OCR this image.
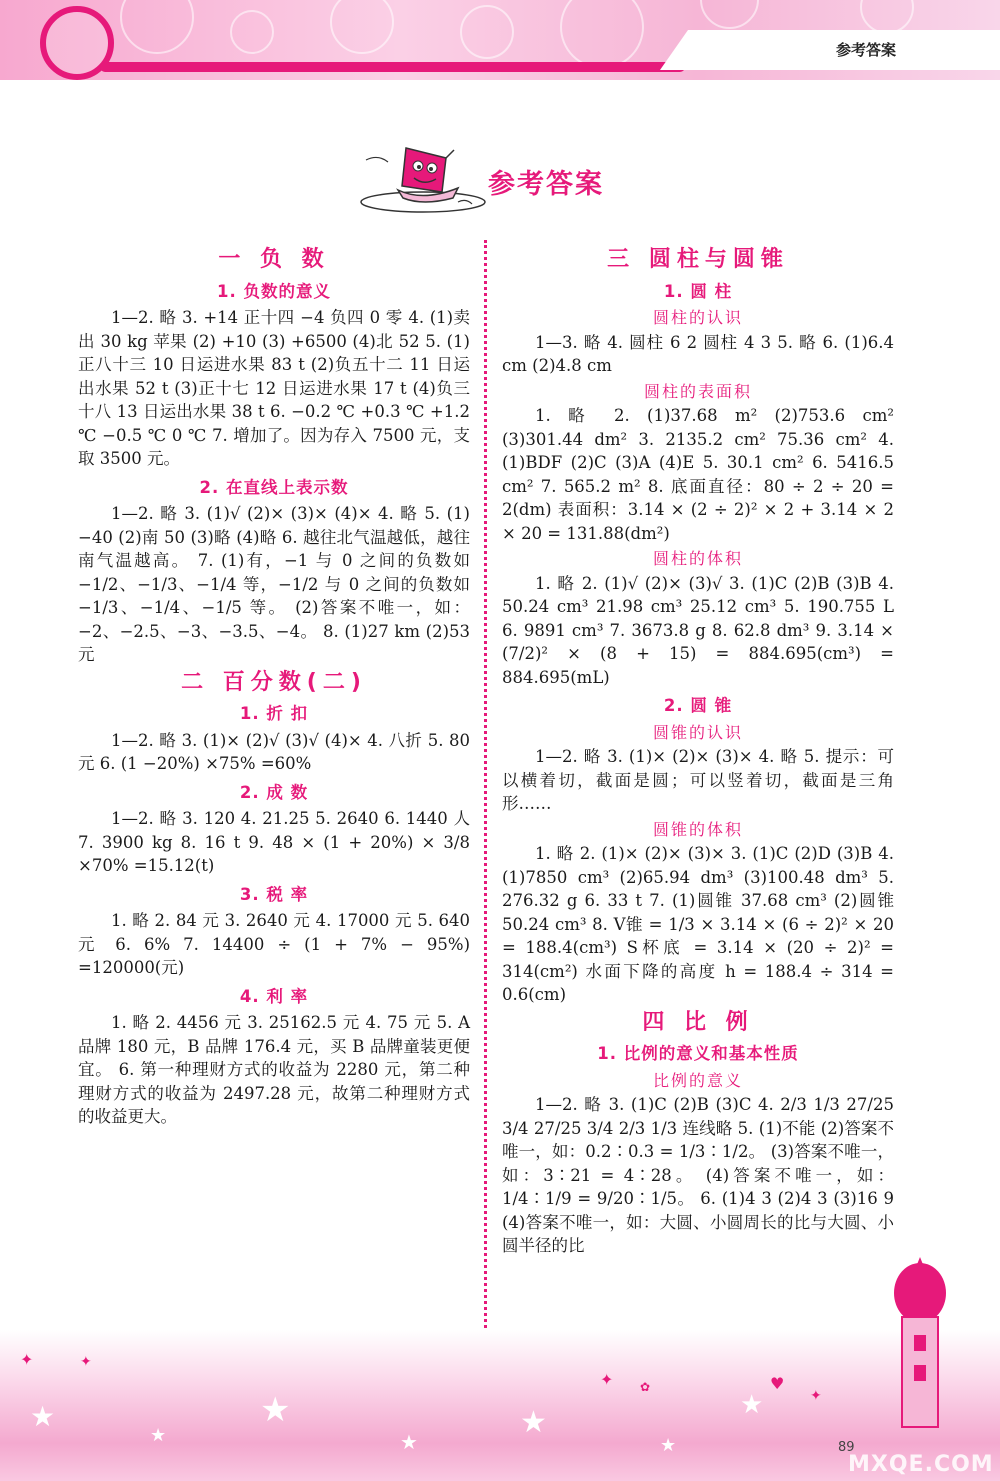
参考答案
参考答案
一 负 数
1. 负数的意义
1—2. 略 3. +14 正十四 −4 负四 0 零 4. (1)卖出 30 kg 苹果 (2) +10 (3) +6500 (4)北 52 5. (1)正八十三 10 日运进水果 83 t (2)负五十二 11 日运出水果 52 t (3)正十七 12 日运进水果 17 t (4)负三十八 13 日运出水果 38 t 6. −0.2 ℃ +0.3 ℃ +1.2 ℃ −0.5 ℃ 0 ℃ 7. 增加了。因为存入 7500 元，支取 3500 元。
2. 在直线上表示数
1—2. 略 3. (1)√ (2)× (3)× (4)× 4. 略 5. (1) −40 (2)南 50 (3)略 (4)略 6. 越往北气温越低，越往南气温越高。 7. (1)有，−1 与 0 之间的负数如 −1/2、−1/3、−1/4 等，−1/2 与 0 之间的负数如 −1/3、−1/4、−1/5 等。 (2)答案不唯一，如：−2、−2.5、−3、−3.5、−4。 8. (1)27 km (2)53 元
二 百分数(二)
1. 折 扣
1—2. 略 3. (1)× (2)√ (3)√ (4)× 4. 八折 5. 80 元 6. (1 −20%) ×75% =60%
2. 成 数
1—2. 略 3. 120 4. 21.25 5. 2640 6. 1440 人 7. 3900 kg 8. 16 t 9. 48 × (1 + 20%) × 3/8 ×70% =15.12(t)
3. 税 率
1. 略 2. 84 元 3. 2640 元 4. 17000 元 5. 640 元 6. 6% 7. 14400 ÷ (1 + 7% − 95%) =120000(元)
4. 利 率
1. 略 2. 4456 元 3. 25162.5 元 4. 75 元 5. A 品牌 180 元，B 品牌 176.4 元，买 B 品牌童装更便宜。 6. 第一种理财方式的收益为 2280 元，第二种理财方式的收益为 2497.28 元，故第二种理财方式的收益更大。
三 圆柱与圆锥
1. 圆 柱
圆柱的认识
1—3. 略 4. 圆柱 6 2 圆柱 4 3 5. 略 6. (1)6.4 cm (2)4.8 cm
圆柱的表面积
1. 略 2. (1)37.68 m² (2)753.6 cm² (3)301.44 dm² 3. 2135.2 cm² 75.36 cm² 4. (1)BDF (2)C (3)A (4)E 5. 30.1 cm² 6. 5416.5 cm² 7. 565.2 m² 8. 底面直径：80 ÷ 2 ÷ 20 = 2(dm) 表面积：3.14 × (2 ÷ 2)² × 2 + 3.14 × 2 × 20 = 131.88(dm²)
圆柱的体积
1. 略 2. (1)√ (2)× (3)√ 3. (1)C (2)B (3)B 4. 50.24 cm³ 21.98 cm³ 25.12 cm³ 5. 190.755 L 6. 9891 cm³ 7. 3673.8 g 8. 62.8 dm³ 9. 3.14 × (7/2)² × (8 + 15) = 884.695(cm³) = 884.695(mL)
2. 圆 锥
圆锥的认识
1—2. 略 3. (1)× (2)× (3)× 4. 略 5. 提示：可以横着切，截面是圆；可以竖着切，截面是三角形……
圆锥的体积
1. 略 2. (1)× (2)× (3)× 3. (1)C (2)D (3)B 4. (1)7850 cm³ (2)65.94 dm³ (3)100.48 dm³ 5. 276.32 g 6. 33 t 7. (1)圆锥 37.68 cm³ (2)圆锥 50.24 cm³ 8. V锥 = 1/3 × 3.14 × (6 ÷ 2)² × 20 = 188.4(cm³) S杯底 = 3.14 × (20 ÷ 2)² = 314(cm²) 水面下降的高度 h = 188.4 ÷ 314 = 0.6(cm)
四 比 例
1. 比例的意义和基本性质
比例的意义
1—2. 略 3. (1)C (2)B (3)C 4. 2/3 1/3 27/25 3/4 27/25 3/4 2/3 1/3 连线略 5. (1)不能 (2)答案不唯一，如：0.2∶0.3 = 1/3∶1/2。 (3)答案不唯一，如：3∶21 = 4∶28。 (4)答案不唯一，如：1/4∶1/9 = 9/20∶1/5。 6. (1)4 3 (2)4 3 (3)16 9 (4)答案不唯一，如：大圆、小圆周长的比与大圆、小圆半径的比
★
★
★
★
★
★
★
✦	✦
✦ ✿	♥
✦
89
MXQE.COM
